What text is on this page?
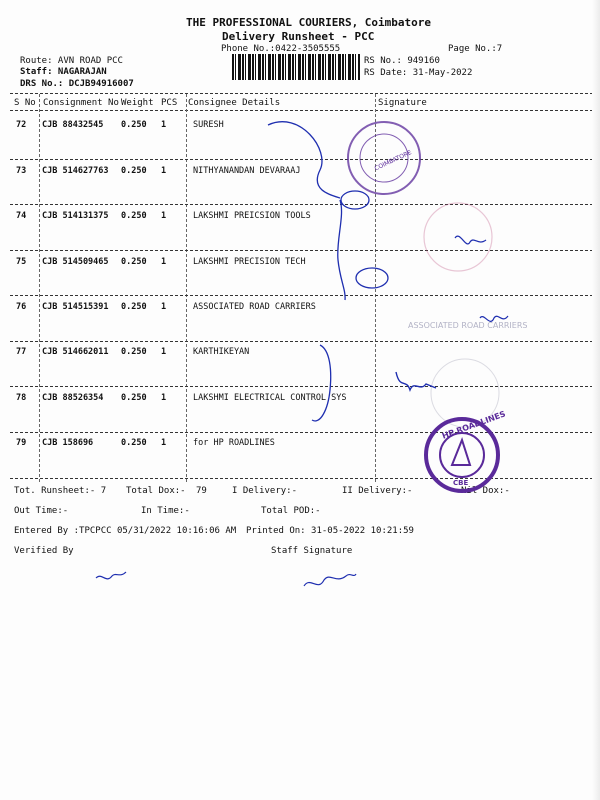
THE PROFESSIONAL COURIERS, Coimbatore
Delivery Runsheet - PCC
Phone No.:0422-3505555	Page No.:7
Route: AVN ROAD PCC
Staff: NAGARAJAN
DRS No.: DCJB94916007
RS No.: 949160
RS Date: 31-May-2022
S No Consignment No Weight PCS Consignee Details	Signature
72 CJB 88432545 0.250 1	SURESH
73 CJB 514627763 0.250 1	NITHYANANDAN DEVARAAJ
74 CJB 514131375 0.250 1	LAKSHMI PREICSION TOOLS
75 CJB 514509465 0.250 1	LAKSHMI PRECISION TECH
76 CJB 514515391 0.250 1	ASSOCIATED ROAD CARRIERS
77 CJB 514662011 0.250 1	KARTHIKEYAN
78 CJB 88526354 0.250 1	LAKSHMI ELECTRICAL CONTROL SYS
79 CJB 158696	0.250 1	for HP ROADLINES
Tot. Runsheet:- 7 Total Dox:- 79	I Delivery:-	II Delivery:-	Nil Dox:-
Out Time:-	In Time:-	Total POD:-
Entered By :TPCPCC 05/31/2022 10:16:06 AM Printed On: 31-05-2022 10:21:59
Verified By	Staff Signature
COIMBATORE
ASSOCIATED ROAD CARRIERS
HP ROADLINES
CBE
